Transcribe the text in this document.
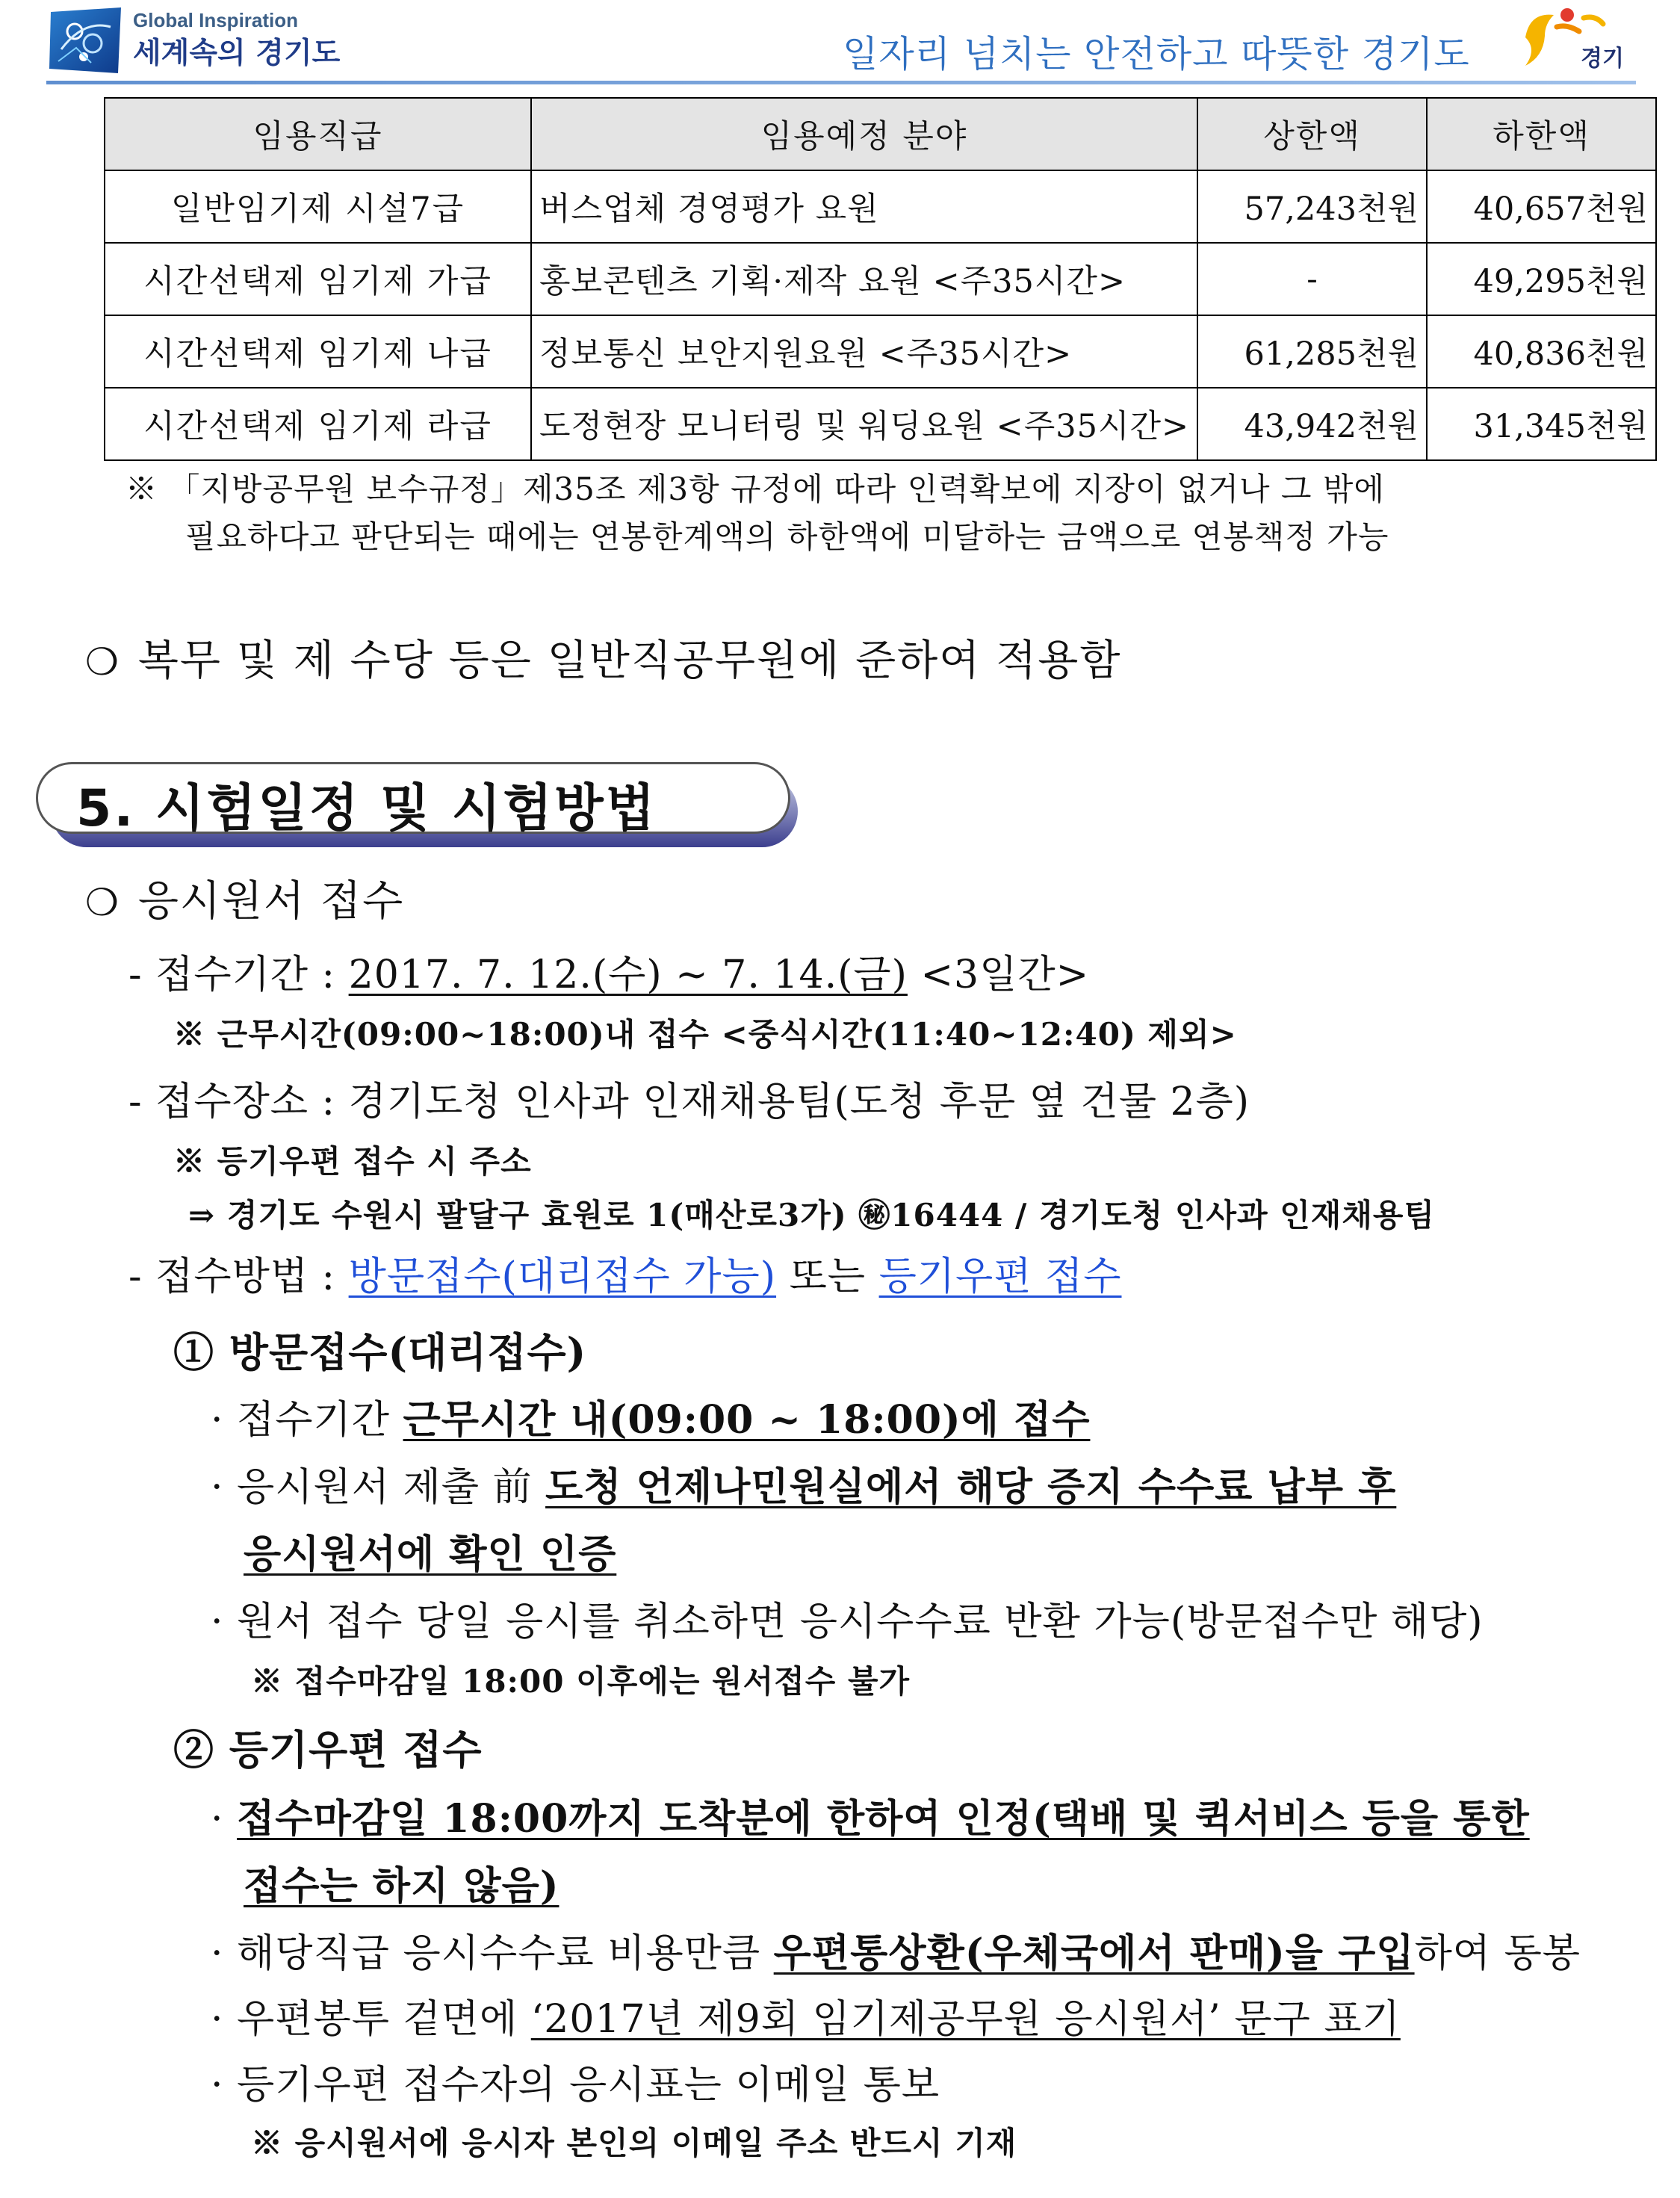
Global Inspiration
세계속의 경기도	일자리 넘치는 안전하고 따뜻한 경기도	경기
임용직급	임용예정 분야	상한액	하한액
일반임기제 시설7급	버스업체 경영평가 요원	57,243천원	40,657천원
시간선택제 임기제 가급	홍보콘텐츠 기획·제작 요원 <주35시간>	-	49,295천원
시간선택제 임기제 나급	정보통신 보안지원요원 <주35시간>	61,285천원	40,836천원
시간선택제 임기제 라급	도정현장 모니터링 및 워딩요원 <주35시간>	43,942천원	31,345천원
※ 「지방공무원 보수규정」제35조 제3항 규정에 따라 인력확보에 지장이 없거나 그 밖에
필요하다고 판단되는 때에는 연봉한계액의 하한액에 미달하는 금액으로 연봉책정 가능
❍ 복무 및 제 수당 등은 일반직공무원에 준하여 적용함
5. 시험일정 및 시험방법
❍ 응시원서 접수
- 접수기간 : 2017. 7. 12.(수) ~ 7. 14.(금) <3일간>
※ 근무시간(09:00~18:00)내 접수 <중식시간(11:40~12:40) 제외>
- 접수장소 : 경기도청 인사과 인재채용팀(도청 후문 옆 건물 2층)
※ 등기우편 접수 시 주소
⇒ 경기도 수원시 팔달구 효원로 1(매산로3가) ㊙16444 / 경기도청 인사과 인재채용팀
- 접수방법 : 방문접수(대리접수 가능) 또는 등기우편 접수
① 방문접수(대리접수)
· 접수기간 근무시간 내(09:00 ~ 18:00)에 접수
· 응시원서 제출 前 도청 언제나민원실에서 해당 증지 수수료 납부 후
응시원서에 확인 인증
· 원서 접수 당일 응시를 취소하면 응시수수료 반환 가능(방문접수만 해당)
※ 접수마감일 18:00 이후에는 원서접수 불가
② 등기우편 접수
· 접수마감일 18:00까지 도착분에 한하여 인정(택배 및 퀵서비스 등을 통한
접수는 하지 않음)
· 해당직급 응시수수료 비용만큼 우편통상환(우체국에서 판매)을 구입하여 동봉
· 우편봉투 겉면에 ‘2017년 제9회 임기제공무원 응시원서’ 문구 표기
· 등기우편 접수자의 응시표는 이메일 통보
※ 응시원서에 응시자 본인의 이메일 주소 반드시 기재
